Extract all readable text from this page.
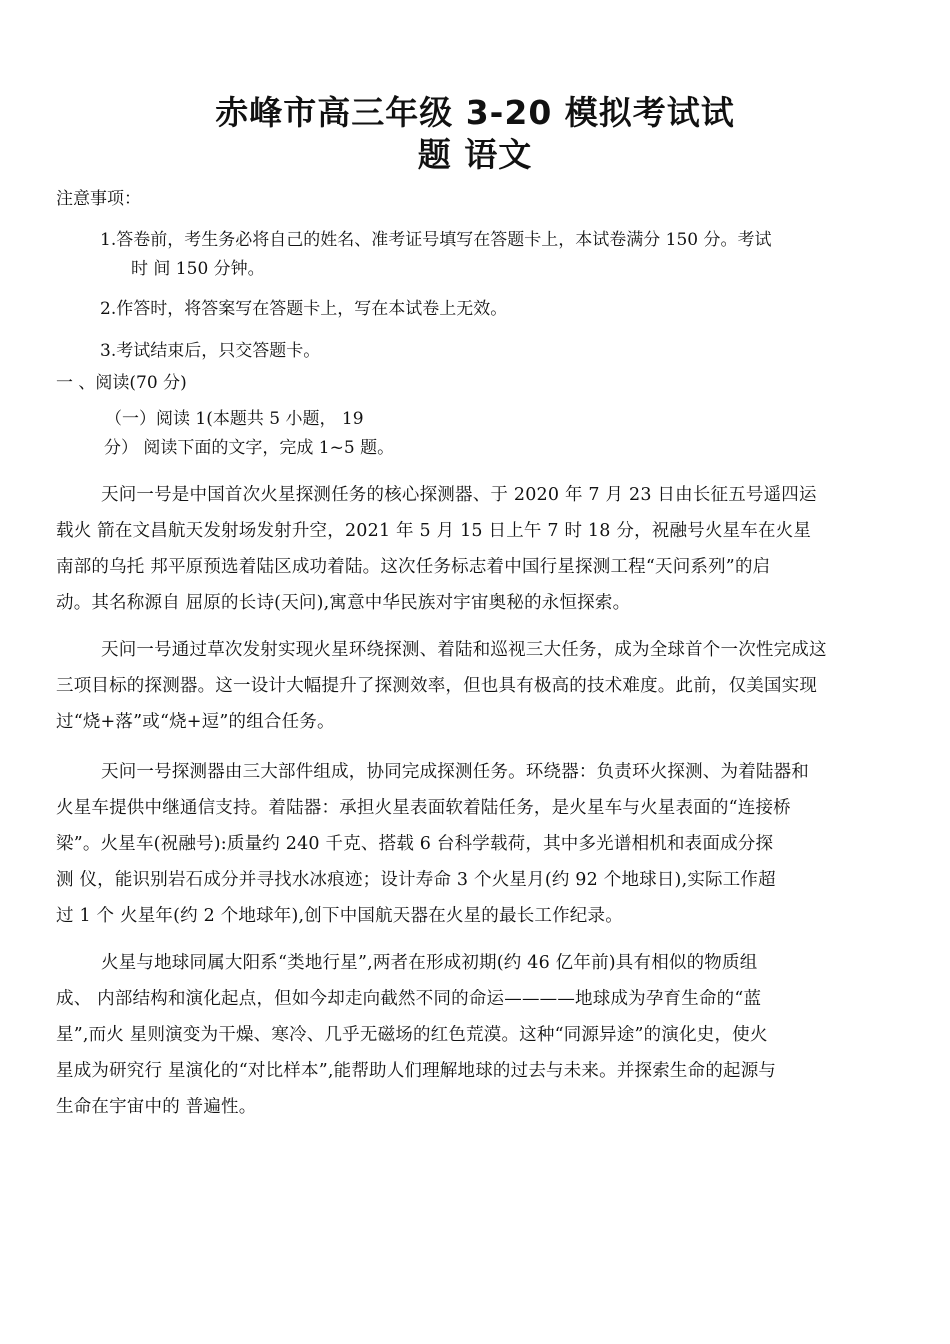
赤峰市高三年级 3-20 模拟考试试
题 语文
注意事项：
1.答卷前，考生务必将自己的姓名、准考证号填写在答题卡上，本试卷满分 150 分。考试
时 间 150 分钟。
2.作答时，将答案写在答题卡上，写在本试卷上无效。
3.考试结束后，只交答题卡。
一 、阅读(70 分)
（一）阅读 1(本题共 5 小题， 19
分） 阅读下面的文字，完成 1~5 题。
天问一号是中国首次火星探测任务的核心探测器、于 2020 年 7 月 23 日由长征五号遥四运
载火 箭在文昌航天发射场发射升空，2021 年 5 月 15 日上午 7 时 18 分，祝融号火星车在火星
南部的乌托 邦平原预选着陆区成功着陆。这次任务标志着中国行星探测工程“天问系列”的启
动。其名称源自 屈原的长诗(天问),寓意中华民族对宇宙奥秘的永恒探索。
天问一号通过草次发射实现火星环绕探测、着陆和巡视三大任务，成为全球首个一次性完成这
三项目标的探测器。这一设计大幅提升了探测效率，但也具有极高的技术难度。此前，仅美国实现
过“烧+落”或“烧+逗”的组合任务。
天问一号探测器由三大部件组成，协同完成探测任务。环绕器：负责环火探测、为着陆器和
火星车提供中继通信支持。着陆器：承担火星表面软着陆任务，是火星车与火星表面的“连接桥
梁”。火星车(祝融号):质量约 240 千克、搭载 6 台科学载荷，其中多光谱相机和表面成分探
测 仪，能识别岩石成分并寻找水冰痕迹；设计寿命 3 个火星月(约 92 个地球日),实际工作超
过 1 个 火星年(约 2 个地球年),创下中国航天器在火星的最长工作纪录。
火星与地球同属大阳系“类地行星”,两者在形成初期(约 46 亿年前)具有相似的物质组
成、 内部结构和演化起点，但如今却走向截然不同的命运————地球成为孕育生命的“蓝
星”,而火 星则演变为干燥、寒冷、几乎无磁场的红色荒漠。这种“同源异途”的演化史，使火
星成为研究行 星演化的“对比样本”,能帮助人们理解地球的过去与未来。并探索生命的起源与
生命在宇宙中的 普遍性。
